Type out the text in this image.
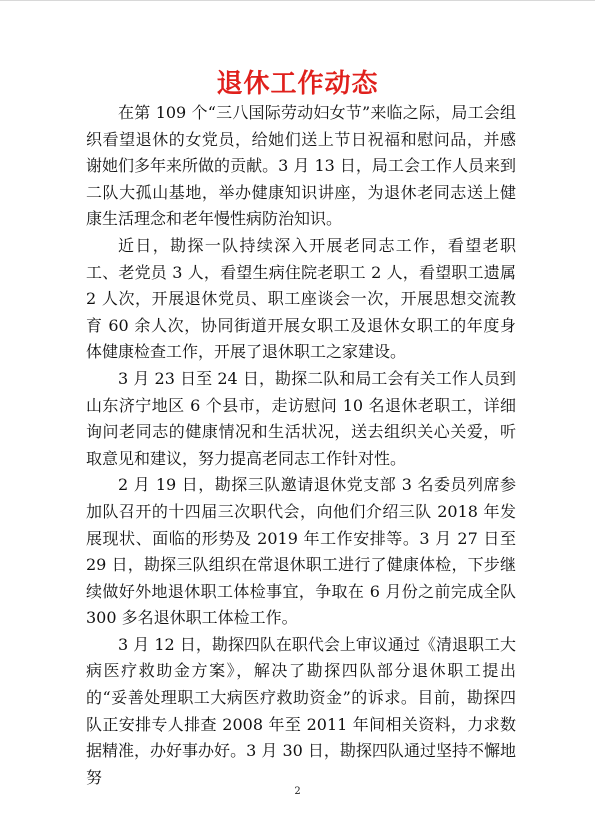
退休工作动态

在第 109 个“三八国际劳动妇女节”来临之际，局工会组织看望退休的女党员，给她们送上节日祝福和慰问品，并感谢她们多年来所做的贡献。3 月 13 日，局工会工作人员来到二队大孤山基地，举办健康知识讲座，为退休老同志送上健康生活理念和老年慢性病防治知识。

近日，勘探一队持续深入开展老同志工作，看望老职工、老党员 3 人，看望生病住院老职工 2 人，看望职工遗属 2 人次，开展退休党员、职工座谈会一次，开展思想交流教育 60 余人次，协同街道开展女职工及退休女职工的年度身体健康检查工作，开展了退休职工之家建设。

3 月 23 日至 24 日，勘探二队和局工会有关工作人员到山东济宁地区 6 个县市，走访慰问 10 名退休老职工，详细询问老同志的健康情况和生活状况，送去组织关心关爱，听取意见和建议，努力提高老同志工作针对性。

2 月 19 日，勘探三队邀请退休党支部 3 名委员列席参加队召开的十四届三次职代会，向他们介绍三队 2018 年发展现状、面临的形势及 2019 年工作安排等。3 月 27 日至 29 日，勘探三队组织在常退休职工进行了健康体检，下步继续做好外地退休职工体检事宜，争取在 6 月份之前完成全队 300 多名退休职工体检工作。

3 月 12 日，勘探四队在职代会上审议通过《清退职工大病医疗救助金方案》，解决了勘探四队部分退休职工提出的“妥善处理职工大病医疗救助资金”的诉求。目前，勘探四队正安排专人排查 2008 年至 2011 年间相关资料，力求数据精准，办好事办好。3 月 30 日，勘探四队通过坚持不懈地努

2
